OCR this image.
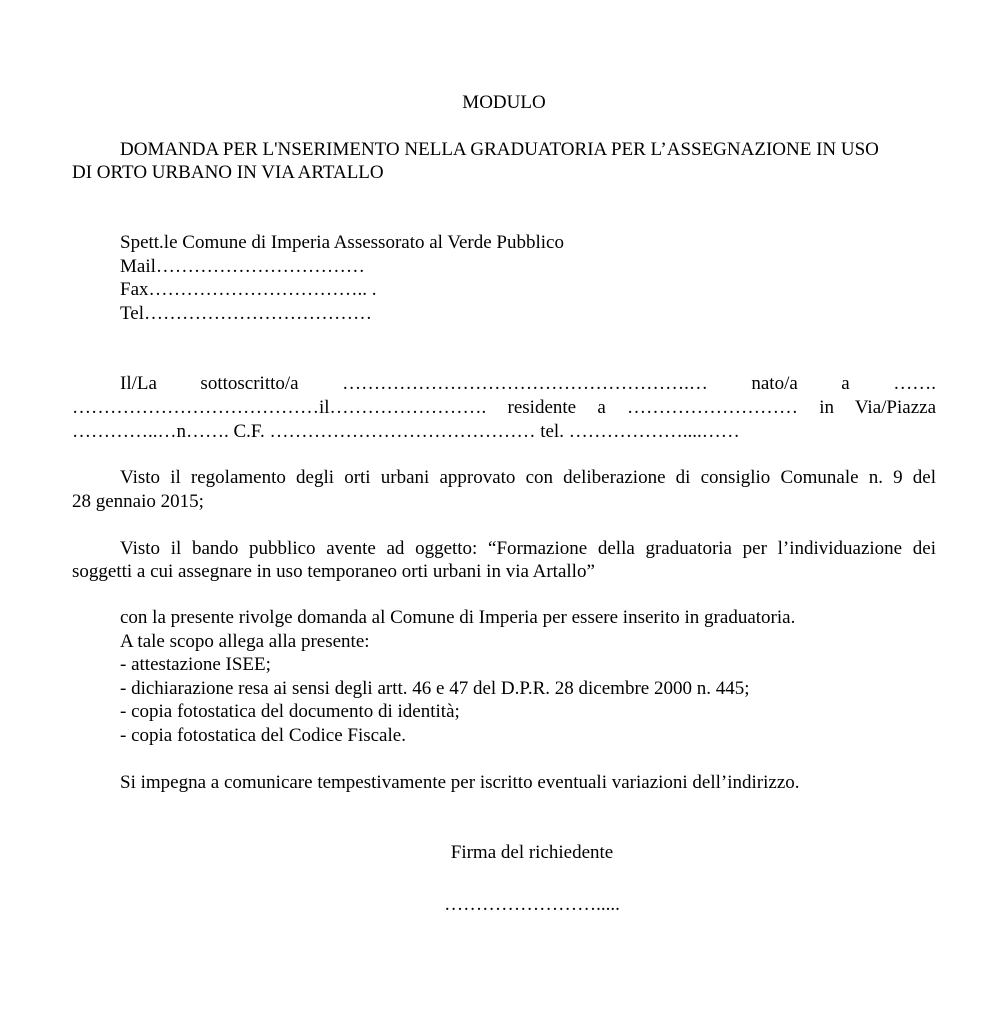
MODULO
DOMANDA PER L'NSERIMENTO NELLA GRADUATORIA PER L’ASSEGNAZIONE IN USO
DI ORTO URBANO IN VIA ARTALLO
Spett.le Comune di Imperia Assessorato al Verde Pubblico
Mail……………………………
Fax…………………………….. .
Tel………………………………
Il/La sottoscritto/a ……………………………………………….… nato/a a …….
…………………………………il……………………. residente a ……………………… in Via/Piazza
…………..…n……. C.F. …………………………………… tel. ………………....……
Visto il regolamento degli orti urbani approvato con deliberazione di consiglio Comunale n. 9 del
28 gennaio 2015;
Visto il bando pubblico avente ad oggetto: “Formazione della graduatoria per l’individuazione dei
soggetti a cui assegnare in uso temporaneo orti urbani in via Artallo”
con la presente rivolge domanda al Comune di Imperia per essere inserito in graduatoria.
A tale scopo allega alla presente:
- attestazione ISEE;
- dichiarazione resa ai sensi degli artt. 46 e 47 del D.P.R. 28 dicembre 2000 n. 445;
- copia fotostatica del documento di identità;
- copia fotostatica del Codice Fiscale.
Si impegna a comunicare tempestivamente per iscritto eventuali variazioni dell’indirizzo.
Firma del richiedente
…………………….....
